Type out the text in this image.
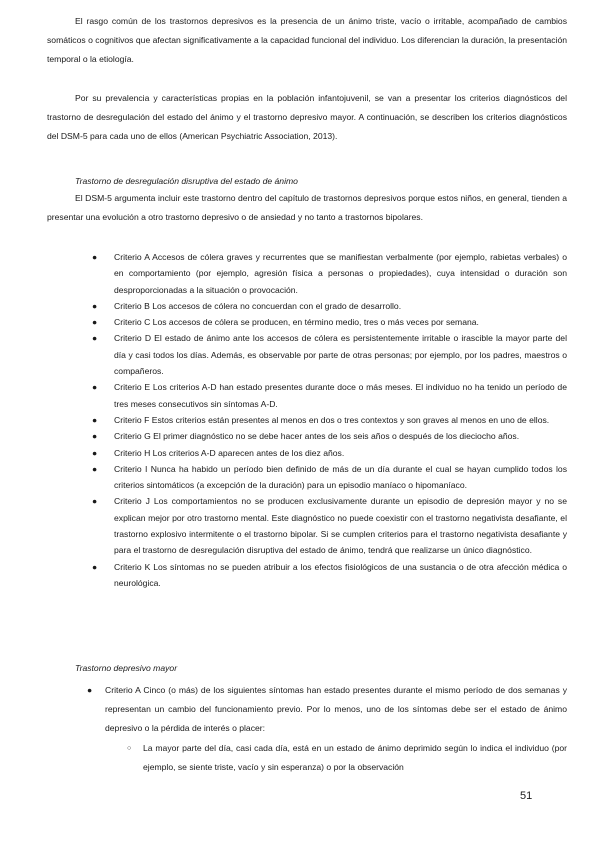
El rasgo común de los trastornos depresivos es la presencia de un ánimo triste, vacío o irritable, acompañado de cambios somáticos o cognitivos que afectan significativamente a la capacidad funcional del individuo. Los diferencian la duración, la presentación temporal o la etiología.

Por su prevalencia y características propias en la población infantojuvenil, se van a presentar los criterios diagnósticos del trastorno de desregulación del estado del ánimo y el trastorno depresivo mayor. A continuación, se describen los criterios diagnósticos del DSM-5 para cada uno de ellos (American Psychiatric Association, 2013).

Trastorno de desregulación disruptiva del estado de ánimo

El DSM-5 argumenta incluir este trastorno dentro del capítulo de trastornos depresivos porque estos niños, en general, tienden a presentar una evolución a otro trastorno depresivo o de ansiedad y no tanto a trastornos bipolares.

● Criterio A Accesos de cólera graves y recurrentes que se manifiestan verbalmente (por ejemplo, rabietas verbales) o en comportamiento (por ejemplo, agresión física a personas o propiedades), cuya intensidad o duración son desproporcionadas a la situación o provocación.
● Criterio B Los accesos de cólera no concuerdan con el grado de desarrollo.
● Criterio C Los accesos de cólera se producen, en término medio, tres o más veces por semana.
● Criterio D El estado de ánimo ante los accesos de cólera es persistentemente irritable o irascible la mayor parte del día y casi todos los días. Además, es observable por parte de otras personas; por ejemplo, por los padres, maestros o compañeros.
● Criterio E Los criterios A-D han estado presentes durante doce o más meses. El individuo no ha tenido un período de tres meses consecutivos sin síntomas A-D.
● Criterio F Estos criterios están presentes al menos en dos o tres contextos y son graves al menos en uno de ellos.
● Criterio G El primer diagnóstico no se debe hacer antes de los seis años o después de los dieciocho años.
● Criterio H Los criterios A-D aparecen antes de los diez años.
● Criterio I Nunca ha habido un período bien definido de más de un día durante el cual se hayan cumplido todos los criterios sintomáticos (a excepción de la duración) para un episodio maníaco o hipomaníaco.
● Criterio J Los comportamientos no se producen exclusivamente durante un episodio de depresión mayor y no se explican mejor por otro trastorno mental. Este diagnóstico no puede coexistir con el trastorno negativista desafiante, el trastorno explosivo intermitente o el trastorno bipolar. Si se cumplen criterios para el trastorno negativista desafiante y para el trastorno de desregulación disruptiva del estado de ánimo, tendrá que realizarse un único diagnóstico.
● Criterio K Los síntomas no se pueden atribuir a los efectos fisiológicos de una sustancia o de otra afección médica o neurológica.

Trastorno depresivo mayor

● Criterio A Cinco (o más) de los siguientes síntomas han estado presentes durante el mismo período de dos semanas y representan un cambio del funcionamiento previo. Por lo menos, uno de los síntomas debe ser el estado de ánimo depresivo o la pérdida de interés o placer:
○ La mayor parte del día, casi cada día, está en un estado de ánimo deprimido según lo indica el individuo (por ejemplo, se siente triste, vacío y sin esperanza) o por la observación
51
